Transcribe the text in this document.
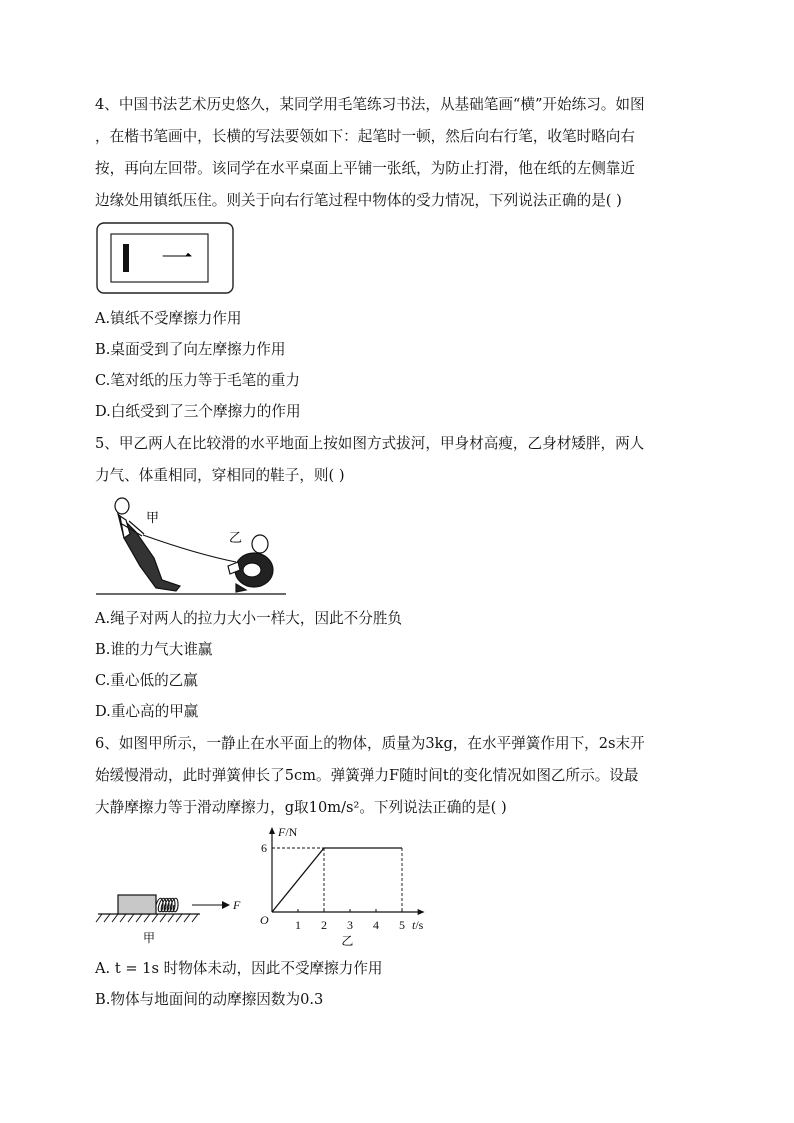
4、中国书法艺术历史悠久，某同学用毛笔练习书法，从基础笔画“横”开始练习。如图
，在楷书笔画中，长横的写法要领如下：起笔时一顿，然后向右行笔，收笔时略向右
按，再向左回带。该同学在水平桌面上平铺一张纸，为防止打滑，他在纸的左侧靠近
边缘处用镇纸压住。则关于向右行笔过程中物体的受力情况，下列说法正确的是( )
一
A.镇纸不受摩擦力作用
B.桌面受到了向左摩擦力作用
C.笔对纸的压力等于毛笔的重力
D.白纸受到了三个摩擦力的作用
5、甲乙两人在比较滑的水平地面上按如图方式拔河，甲身材高瘦，乙身材矮胖，两人
力气、体重相同，穿相同的鞋子，则( )
甲
乙
A.绳子对两人的拉力大小一样大，因此不分胜负
B.谁的力气大谁赢
C.重心低的乙赢
D.重心高的甲赢
6、如图甲所示，一静止在水平面上的物体，质量为3kg，在水平弹簧作用下，2s末开
始缓慢滑动，此时弹簧伸长了5cm。弹簧弹力F随时间t的变化情况如图乙所示。设最
大静摩擦力等于滑动摩擦力，g取10m/s²。下列说法正确的是( )
F
甲
F/N
t/s
O 1 2 3 4 5
6
乙
A. t = 1s 时物体未动，因此不受摩擦力作用
B.物体与地面间的动摩擦因数为0.3
